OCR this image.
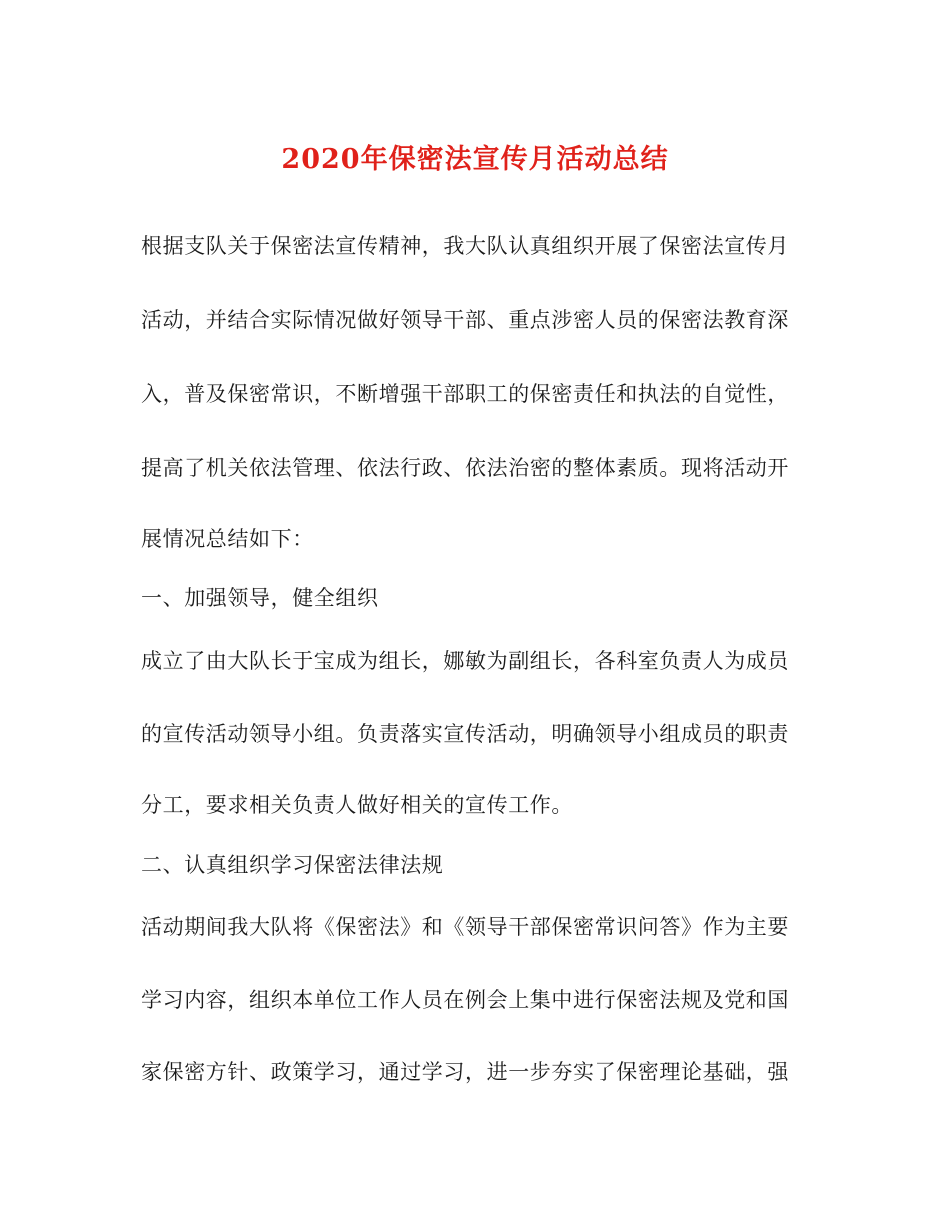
2020年保密法宣传月活动总结
根据支队关于保密法宣传精神，我大队认真组织开展了保密法宣传月
活动，并结合实际情况做好领导干部、重点涉密人员的保密法教育深
入，普及保密常识，不断增强干部职工的保密责任和执法的自觉性，
提高了机关依法管理、依法行政、依法治密的整体素质。现将活动开
展情况总结如下：
一、加强领导，健全组织
成立了由大队长于宝成为组长，娜敏为副组长，各科室负责人为成员
的宣传活动领导小组。负责落实宣传活动，明确领导小组成员的职责
分工，要求相关负责人做好相关的宣传工作。
二、认真组织学习保密法律法规
活动期间我大队将《保密法》和《领导干部保密常识问答》作为主要
学习内容，组织本单位工作人员在例会上集中进行保密法规及党和国
家保密方针、政策学习，通过学习，进一步夯实了保密理论基础，强
